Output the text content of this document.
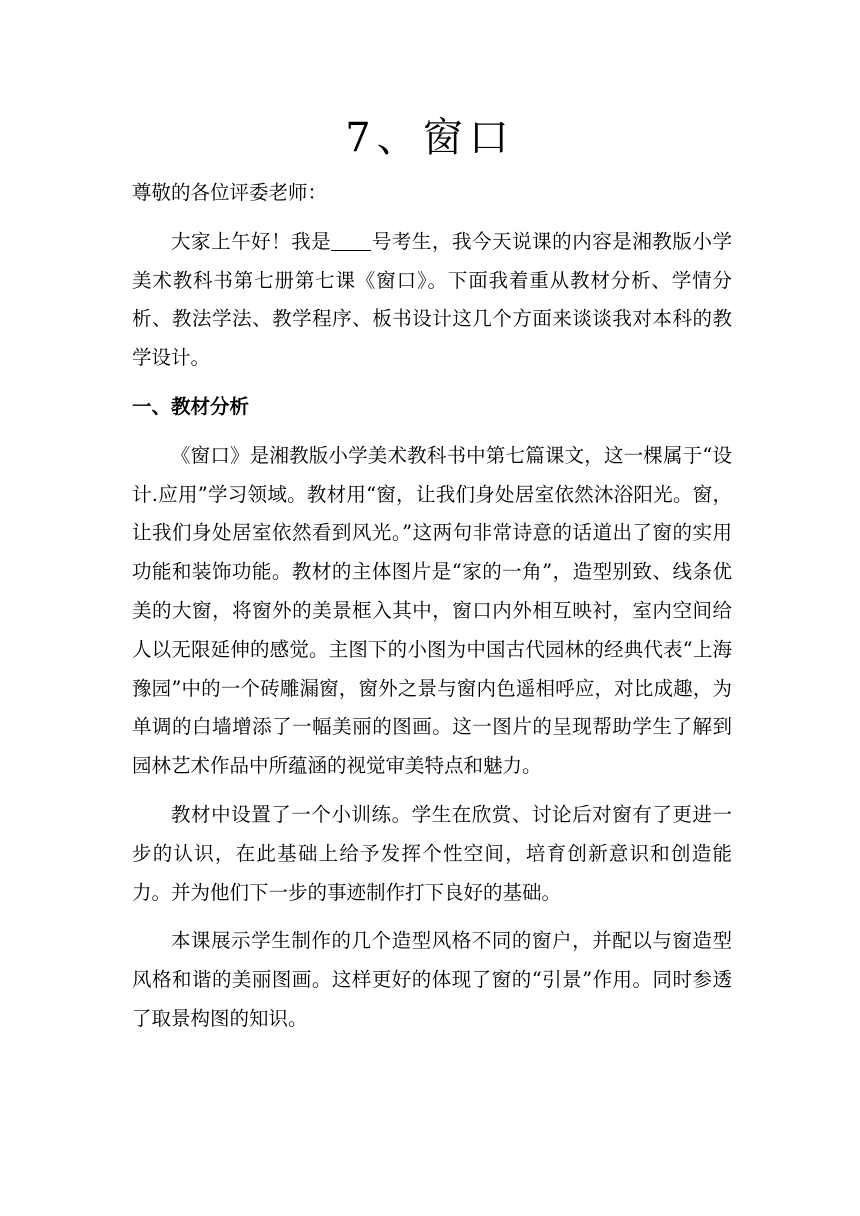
7、窗口

尊敬的各位评委老师：

大家上午好！我是 号考生，我今天说课的内容是湘教版小学美术教科书第七册第七课《窗口》。下面我着重从教材分析、学情分析、教法学法、教学程序、板书设计这几个方面来谈谈我对本科的教学设计。

一、教材分析

《窗口》是湘教版小学美术教科书中第七篇课文，这一棵属于“设计.应用”学习领域。教材用“窗，让我们身处居室依然沐浴阳光。窗，让我们身处居室依然看到风光。”这两句非常诗意的话道出了窗的实用功能和装饰功能。教材的主体图片是“家的一角”，造型别致、线条优美的大窗，将窗外的美景框入其中，窗口内外相互映衬，室内空间给人以无限延伸的感觉。主图下的小图为中国古代园林的经典代表“上海豫园”中的一个砖雕漏窗，窗外之景与窗内色遥相呼应，对比成趣，为单调的白墙增添了一幅美丽的图画。这一图片的呈现帮助学生了解到园林艺术作品中所蕴涵的视觉审美特点和魅力。

教材中设置了一个小训练。学生在欣赏、讨论后对窗有了更进一步的认识，在此基础上给予发挥个性空间，培育创新意识和创造能力。并为他们下一步的事迹制作打下良好的基础。

本课展示学生制作的几个造型风格不同的窗户，并配以与窗造型风格和谐的美丽图画。这样更好的体现了窗的“引景”作用。同时参透了取景构图的知识。
